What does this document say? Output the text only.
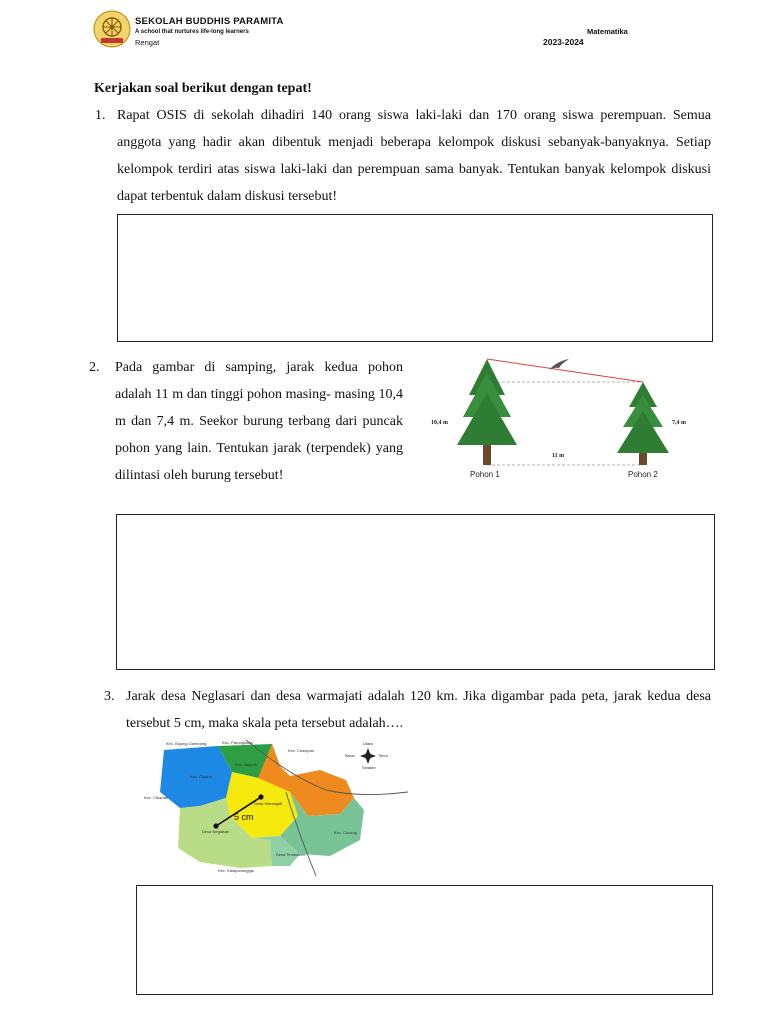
SEKOLAH BUDDHIS PARAMITA
A school that nurtures life-long learners
Rengat
Matematika
2023-2024
Kerjakan soal berikut dengan tepat!
1. Rapat OSIS di sekolah dihadiri 140 orang siswa laki-laki dan 170 orang siswa perempuan. Semua anggota yang hadir akan dibentuk menjadi beberapa kelompok diskusi sebanyak-banyaknya. Setiap kelompok terdiri atas siswa laki-laki dan perempuan sama banyak. Tentukan banyak kelompok diskusi dapat terbentuk dalam diskusi tersebut!
2. Pada gambar di samping, jarak kedua pohon adalah 11 m dan tinggi pohon masing- masing 10,4 m dan 7,4 m. Seekor burung terbang dari puncak pohon yang lain. Tentukan jarak (terpendek) yang dilintasi oleh burung tersebut!
10,4 m	7,4 m
11 m
Pohon 1	Pohon 2
3. Jarak desa Neglasari dan desa warmajati adalah 120 km. Jika digambar pada peta, jarak kedua desa tersebut 5 cm, maka skala peta tersebut adalah….
5 cm
Utara
Selatan
Timur
Barat
Kec. Bojong Gambang	Kec. Parungkuda
Kec. Ciseupan
Kec. Cibadak
Kec. Nagrak
Kec. Cidahu
Desa Neglasari
Desa Warmajati
Desa Tembaseri
Kec. Cicurug
Kec. Kalapanunggal
